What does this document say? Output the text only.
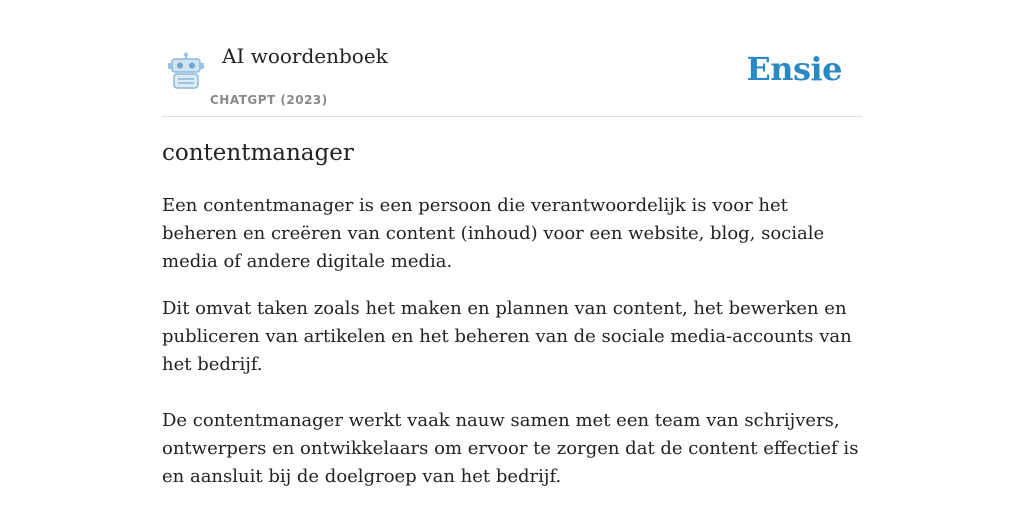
AI woordenboek
CHATGPT (2023)
Ensie
contentmanager

Een contentmanager is een persoon die verantwoordelijk is voor het beheren en creëren van content (inhoud) voor een website, blog, sociale media of andere digitale media.

Dit omvat taken zoals het maken en plannen van content, het bewerken en publiceren van artikelen en het beheren van de sociale media-accounts van het bedrijf.

De contentmanager werkt vaak nauw samen met een team van schrijvers, ontwerpers en ontwikkelaars om ervoor te zorgen dat de content effectief is en aansluit bij de doelgroep van het bedrijf.
